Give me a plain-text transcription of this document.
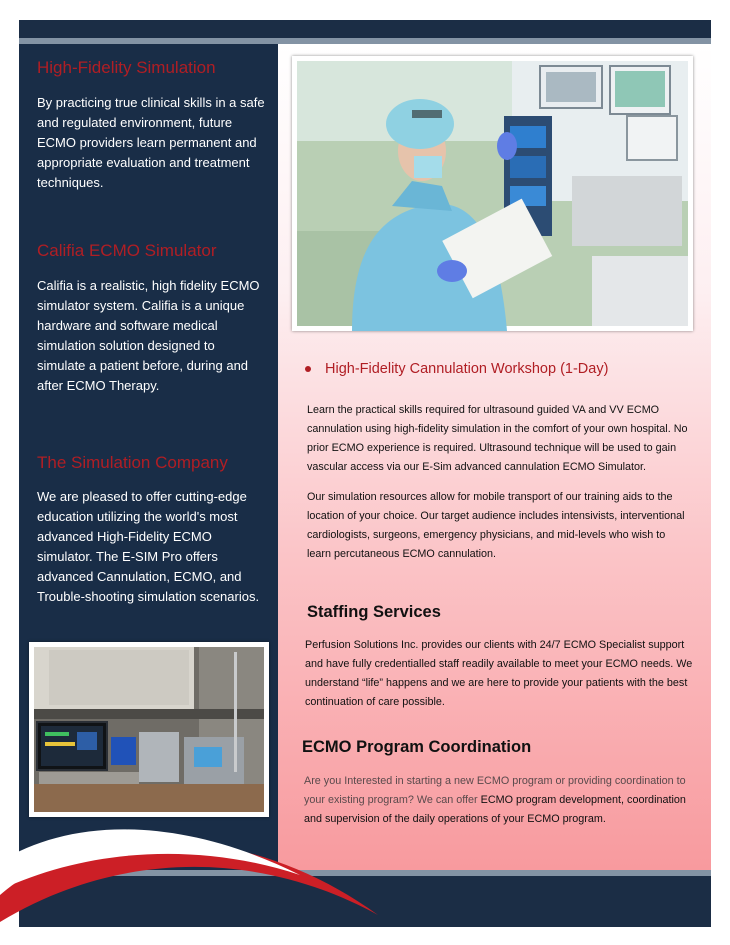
High-Fidelity Simulation

By practicing true clinical skills in a safe and regulated environment, future ECMO providers learn permanent and appropriate evaluation and treatment techniques.

Califia ECMO Simulator

Califia is a realistic, high fidelity ECMO simulator system. Califia is a unique hardware and software medical simulation solution designed to simulate a patient before, during and after ECMO Therapy.

The Simulation Company

We are pleased to offer cutting-edge education utilizing the world's most advanced High-Fidelity ECMO simulator. The E-SIM Pro offers advanced Cannulation, ECMO, and Trouble-shooting simulation scenarios.

High-Fidelity Cannulation Workshop (1-Day)

Learn the practical skills required for ultrasound guided VA and VV ECMO cannulation using high-fidelity simulation in the comfort of your own hospital. No prior ECMO experience is required. Ultrasound technique will be used to gain vascular access via our E-Sim advanced cannulation ECMO Simulator.

Our simulation resources allow for mobile transport of our training aids to the location of your choice. Our target audience includes intensivists, interventional cardiologists, surgeons, emergency physicians, and mid-levels who wish to learn percutaneous ECMO cannulation.

Staffing Services

Perfusion Solutions Inc. provides our clients with 24/7 ECMO Specialist support and have fully credentialled staff readily available to meet your ECMO needs. We understand “life” happens and we are here to provide your patients with the best continuation of care possible.

ECMO Program Coordination

Are you Interested in starting a new ECMO program or providing coordination to your existing program? We can offer ECMO program development, coordination and supervision of the daily operations of your ECMO program.
